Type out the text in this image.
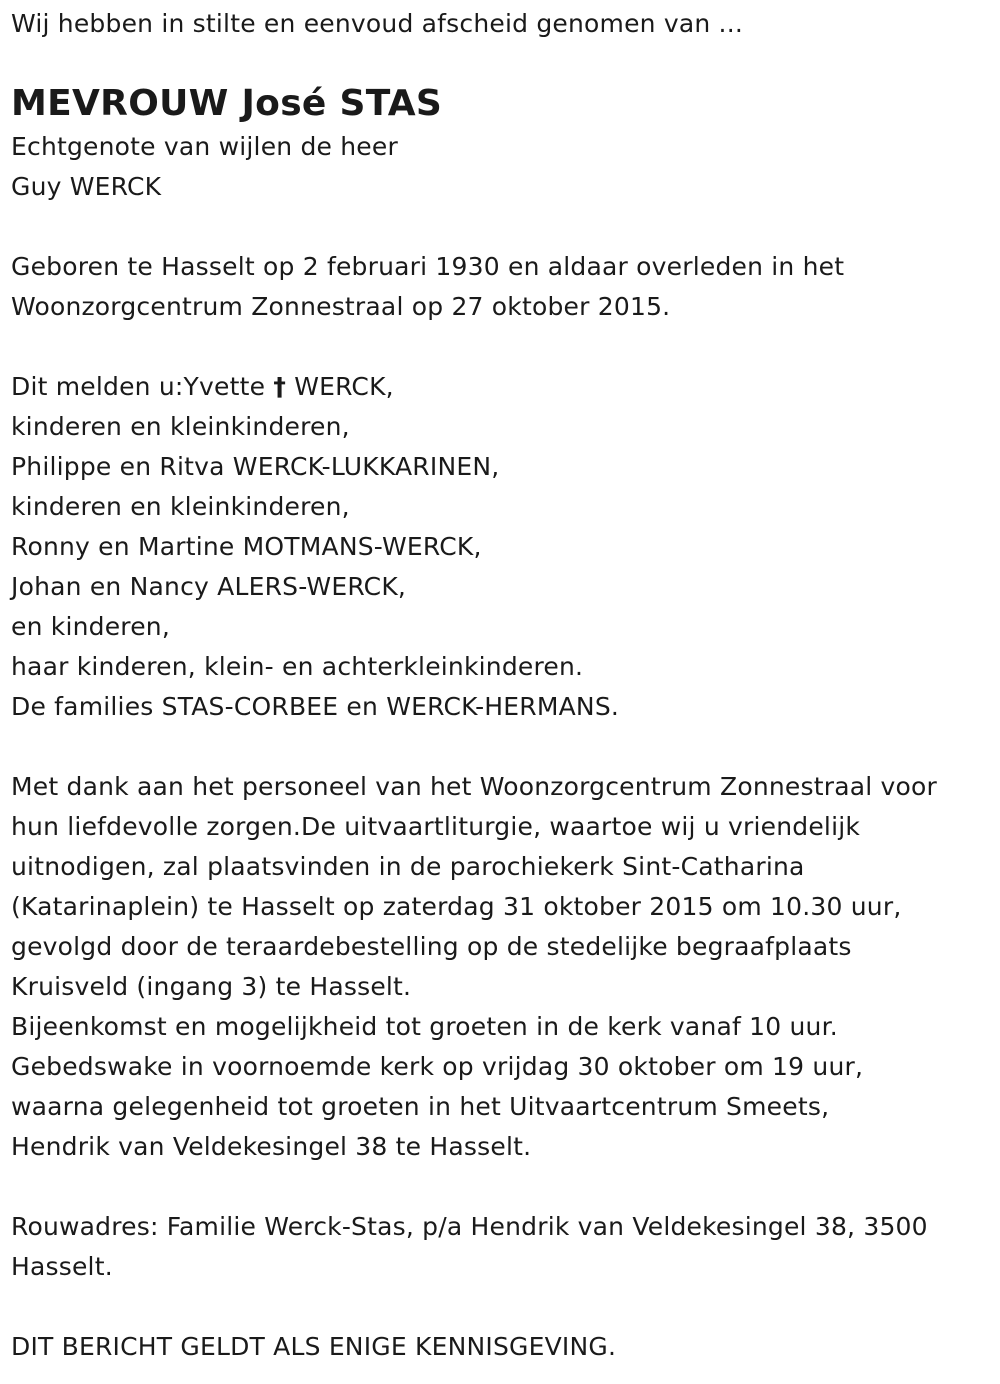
Wij hebben in stilte en eenvoud afscheid genomen van ...
MEVROUW José STAS
Echtgenote van wijlen de heer
Guy WERCK
Geboren te Hasselt op 2 februari 1930 en aldaar overleden in het
Woonzorgcentrum Zonnestraal op 27 oktober 2015.
Dit melden u:Yvette † WERCK,
kinderen en kleinkinderen,
Philippe en Ritva WERCK-LUKKARINEN,
kinderen en kleinkinderen,
Ronny en Martine MOTMANS-WERCK,
Johan en Nancy ALERS-WERCK,
en kinderen,
haar kinderen, klein- en achterkleinkinderen.
De families STAS-CORBEE en WERCK-HERMANS.
Met dank aan het personeel van het Woonzorgcentrum Zonnestraal voor
hun liefdevolle zorgen.De uitvaartliturgie, waartoe wij u vriendelijk
uitnodigen, zal plaatsvinden in de parochiekerk Sint-Catharina
(Katarinaplein) te Hasselt op zaterdag 31 oktober 2015 om 10.30 uur,
gevolgd door de teraardebestelling op de stedelijke begraafplaats
Kruisveld (ingang 3) te Hasselt.
Bijeenkomst en mogelijkheid tot groeten in de kerk vanaf 10 uur.
Gebedswake in voornoemde kerk op vrijdag 30 oktober om 19 uur,
waarna gelegenheid tot groeten in het Uitvaartcentrum Smeets,
Hendrik van Veldekesingel 38 te Hasselt.
Rouwadres: Familie Werck-Stas, p/a Hendrik van Veldekesingel 38, 3500
Hasselt.
DIT BERICHT GELDT ALS ENIGE KENNISGEVING.
